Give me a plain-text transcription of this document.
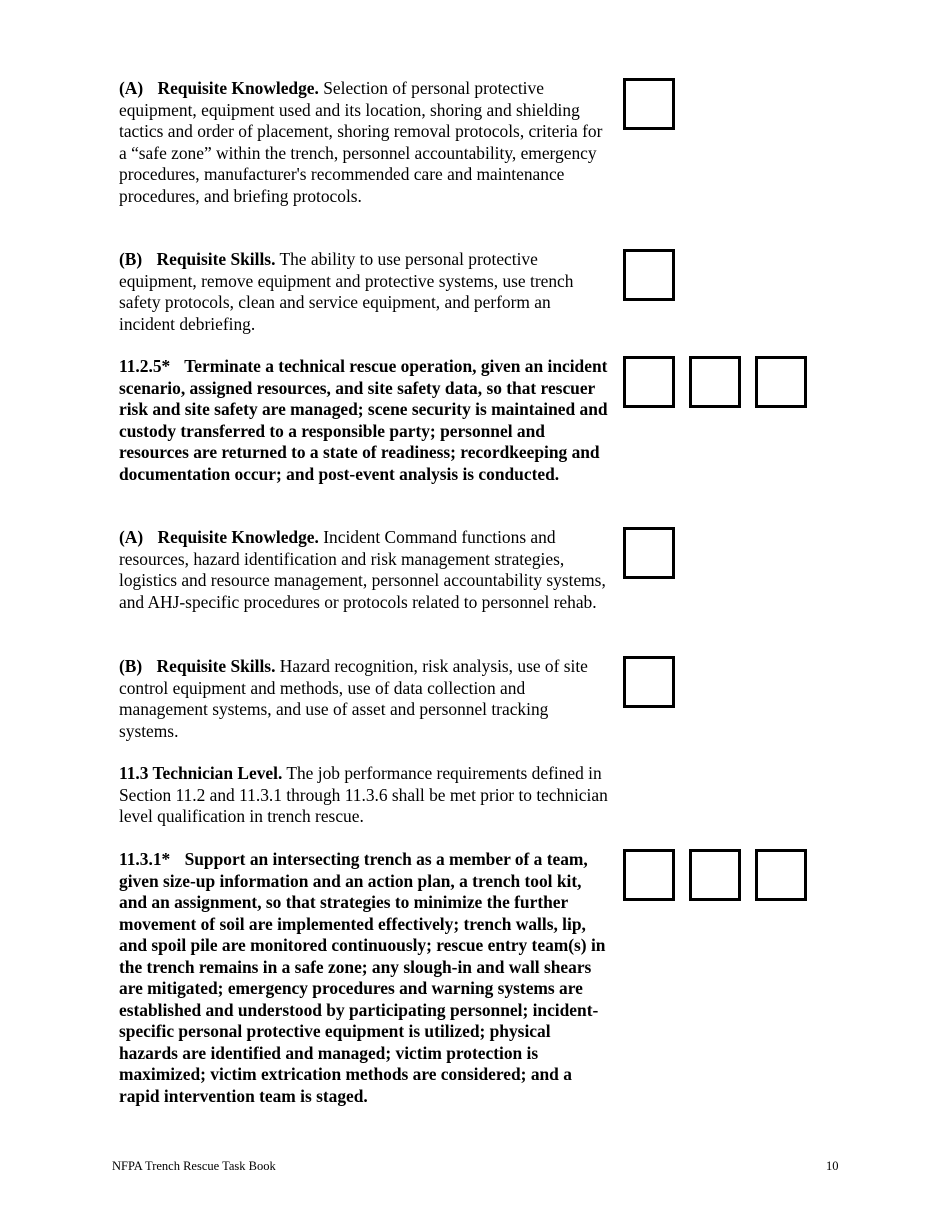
(A) Requisite Knowledge. Selection of personal protective equipment, equipment used and its location, shoring and shielding tactics and order of placement, shoring removal protocols, criteria for a “safe zone” within the trench, personnel accountability, emergency procedures, manufacturer's recommended care and maintenance procedures, and briefing protocols.

(B) Requisite Skills. The ability to use personal protective equipment, remove equipment and protective systems, use trench safety protocols, clean and service equipment, and perform an incident debriefing.

11.2.5* Terminate a technical rescue operation, given an incident scenario, assigned resources, and site safety data, so that rescuer risk and site safety are managed; scene security is maintained and custody transferred to a responsible party; personnel and resources are returned to a state of readiness; recordkeeping and documentation occur; and post-event analysis is conducted.

(A) Requisite Knowledge. Incident Command functions and resources, hazard identification and risk management strategies, logistics and resource management, personnel accountability systems, and AHJ-specific procedures or protocols related to personnel rehab.

(B) Requisite Skills. Hazard recognition, risk analysis, use of site control equipment and methods, use of data collection and management systems, and use of asset and personnel tracking systems.

11.3 Technician Level. The job performance requirements defined in Section 11.2 and 11.3.1 through 11.3.6 shall be met prior to technician level qualification in trench rescue.

11.3.1* Support an intersecting trench as a member of a team, given size-up information and an action plan, a trench tool kit, and an assignment, so that strategies to minimize the further movement of soil are implemented effectively; trench walls, lip, and spoil pile are monitored continuously; rescue entry team(s) in the trench remains in a safe zone; any slough-in and wall shears are mitigated; emergency procedures and warning systems are established and understood by participating personnel; incident-specific personal protective equipment is utilized; physical hazards are identified and managed; victim protection is maximized; victim extrication methods are considered; and a rapid intervention team is staged.

NFPA Trench Rescue Task Book	10
